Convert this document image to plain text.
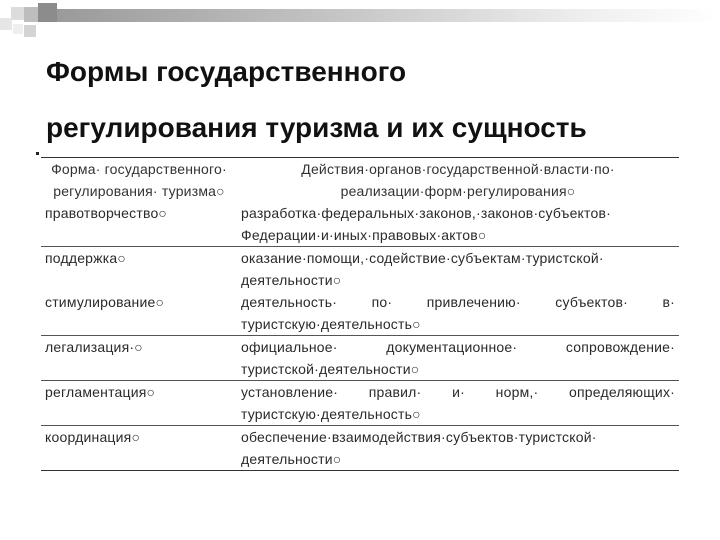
Формы государственного
регулирования туризма и их сущность
Форма· государственного· регулирования· туризма○	Действия·органов·государственной·власти·по· реализации·форм·регулирования○
правотворчество○	разработка·федеральных·законов,·законов·субъектов· Федерации·и·иных·правовых·актов○

поддержка○	оказание·помощи,·содействие·субъектам·туристской· деятельности○
стимулирование○	деятельность· по· привлечению· субъектов· в· туристскую·деятельность○
легализация·○	официальное· документационное· сопровождение· туристской·деятельности○
регламентация○	установление· правил· и· норм,· определяющих· туристскую·деятельность○
координация○	обеспечение·взаимодействия·субъектов·туристской· деятельности○
